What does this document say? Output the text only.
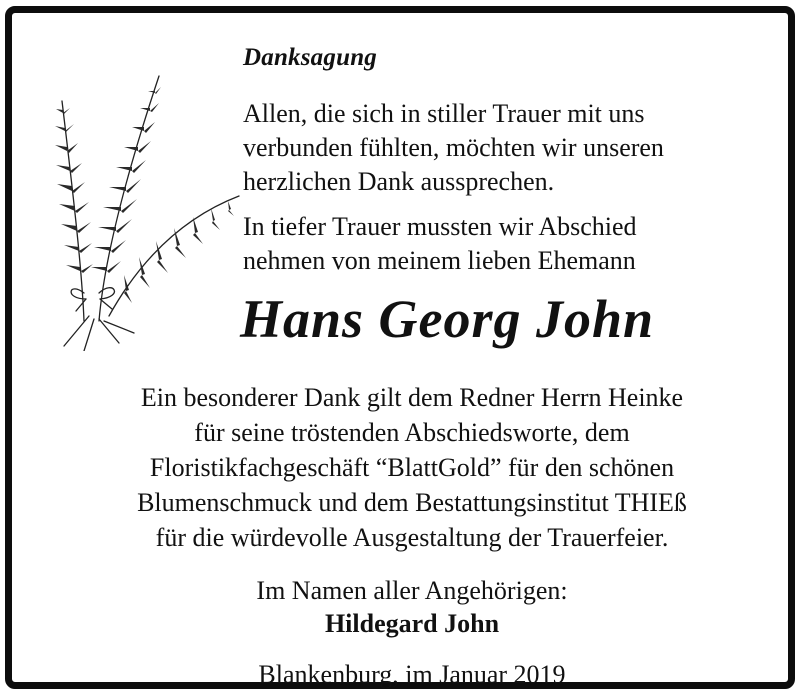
Danksagung
Allen, die sich in stiller Trauer mit uns
verbunden fühlten, möchten wir unseren
herzlichen Dank aussprechen.
In tiefer Trauer mussten wir Abschied
nehmen von meinem lieben Ehemann
Hans Georg John
Ein besonderer Dank gilt dem Redner Herrn Heinke
für seine tröstenden Abschiedsworte, dem
Floristikfachgeschäft “BlattGold” für den schönen
Blumenschmuck und dem Bestattungsinstitut THIEß
für die würdevolle Ausgestaltung der Trauerfeier.
Im Namen aller Angehörigen:
Hildegard John
Blankenburg, im Januar 2019
